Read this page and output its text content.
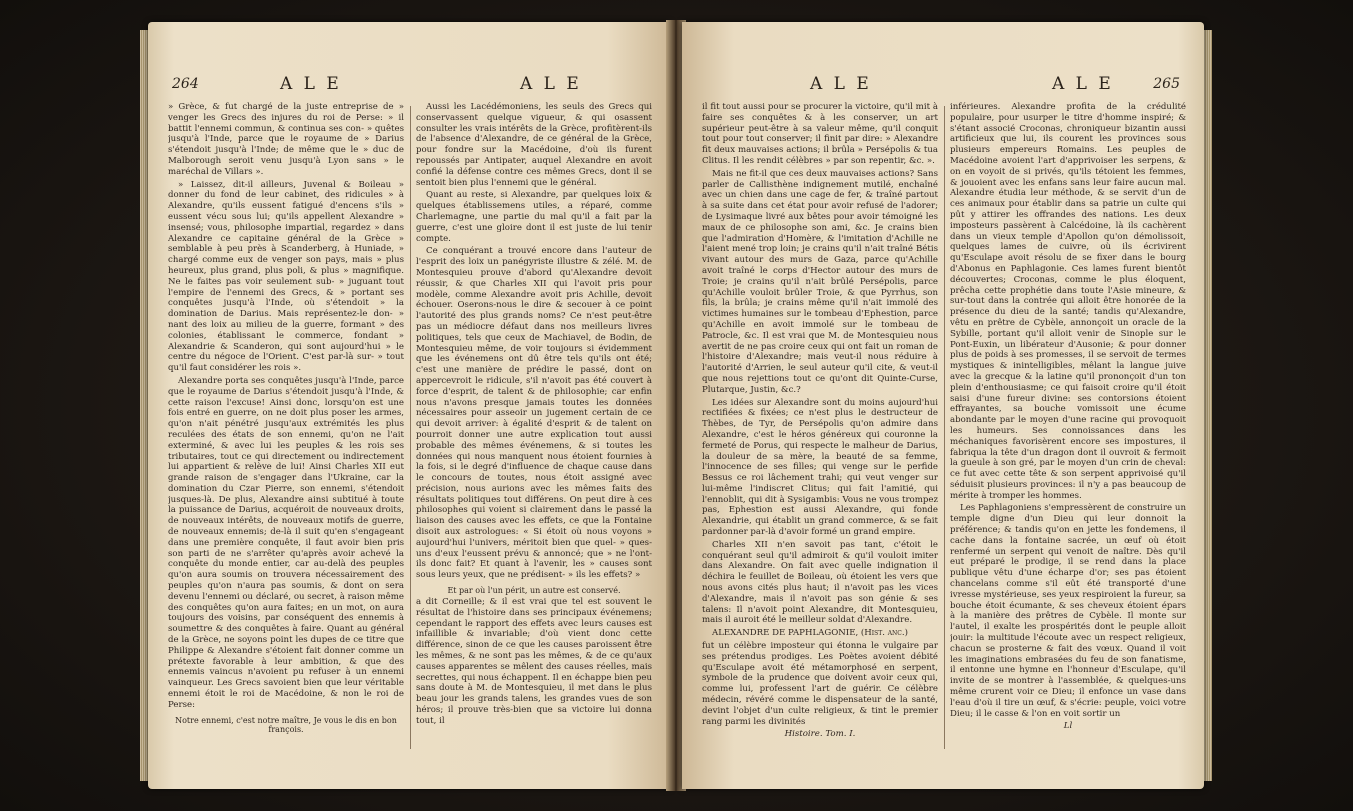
264	A L E	A L E

» Grèce, & fut chargé de la juste entreprise de » venger les Grecs des injures du roi de Perse: » il battit l'ennemi commun, & continua ses con- » quêtes jusqu'à l'Inde, parce que le royaume de » Darius s'étendoit jusqu'à l'Inde; de même que le » duc de Malborough seroit venu jusqu'à Lyon sans » le maréchal de Villars ».

» Laissez, dit-il ailleurs, Juvenal & Boileau » donner du fond de leur cabinet, des ridicules » à Alexandre, qu'ils eussent fatigué d'encens s'ils » eussent vécu sous lui; qu'ils appellent Alexandre » insensé; vous, philosophe impartial, regardez » dans Alexandre ce capitaine général de la Grèce » semblable à peu près à Scanderberg, à Huniade, » chargé comme eux de venger son pays, mais » plus heureux, plus grand, plus poli, & plus » magnifique. Ne le faites pas voir seulement sub- » juguant tout l'empire de l'ennemi des Grecs, & » portant ses conquêtes jusqu'à l'Inde, où s'étendoit » la domination de Darius. Mais représentez-le don- » nant des loix au milieu de la guerre, formant » des colonies, établissant le commerce, fondant » Alexandrie & Scanderon, qui sont aujourd'hui » le centre du négoce de l'Orient. C'est par-là sur- » tout qu'il faut considérer les rois ».

Alexandre porta ses conquêtes jusqu'à l'Inde, parce que le royaume de Darius s'étendoit jusqu'à l'Inde, & cette raison l'excuse! Ainsi donc, lorsqu'on est une fois entré en guerre, on ne doit plus poser les armes, qu'on n'ait pénétré jusqu'aux extrémités les plus reculées des états de son ennemi, qu'on ne l'ait exterminé, & avec lui les peuples & les rois ses tributaires, tout ce qui directement ou indirectement lui appartient & relève de lui! Ainsi Charles XII eut grande raison de s'engager dans l'Ukraine, car la domination du Czar Pierre, son ennemi, s'étendoit jusques-là. De plus, Alexandre ainsi subtitué à toute la puissance de Darius, acquéroit de nouveaux droits, de nouveaux intérêts, de nouveaux motifs de guerre, de nouveaux ennemis; de-là il suit qu'en s'engageant dans une première conquête, il faut avoir bien pris son parti de ne s'arrêter qu'après avoir achevé la conquête du monde entier, car au-delà des peuples qu'on aura soumis on trouvera nécessairement des peuples qu'on n'aura pas soumis, & dont on sera devenu l'ennemi ou déclaré, ou secret, à raison même des conquêtes qu'on aura faites; en un mot, on aura toujours des voisins, par conséquent des ennemis à soumettre & des conquêtes à faire. Quant au général de la Grèce, ne soyons point les dupes de ce titre que Philippe & Alexandre s'étoient fait donner comme un prétexte favorable à leur ambition, & que des ennemis vaincus n'avoient pu refuser à un ennemi vainqueur. Les Grecs savoient bien que leur véritable ennemi étoit le roi de Macédoine, & non le roi de Perse:

Notre ennemi, c'est notre maître, Je vous le dis en bon françois.

Aussi les Lacédémoniens, les seuls des Grecs qui conservassent quelque vigueur, & qui osassent consulter les vrais intérêts de la Grèce, profitèrent-ils de l'absence d'Alexandre, de ce général de la Grèce, pour fondre sur la Macédoine, d'où ils furent repoussés par Antipater, auquel Alexandre en avoit confié la défense contre ces mêmes Grecs, dont il se sentoit bien plus l'ennemi que le général.

Quant au reste, si Alexandre, par quelques loix & quelques établissemens utiles, a réparé, comme Charlemagne, une partie du mal qu'il a fait par la guerre, c'est une gloire dont il est juste de lui tenir compte.

Ce conquérant a trouvé encore dans l'auteur de l'esprit des loix un panégyriste illustre & zélé. M. de Montesquieu prouve d'abord qu'Alexandre devoit réussir, & que Charles XII qui l'avoit pris pour modèle, comme Alexandre avoit pris Achille, devoit échouer. Oserons-nous le dire & secouer à ce point l'autorité des plus grands noms? Ce n'est peut-être pas un médiocre défaut dans nos meilleurs livres politiques, tels que ceux de Machiavel, de Bodin, de Montesquieu même, de voir toujours si évidemment que les événemens ont dû être tels qu'ils ont été; c'est une manière de prédire le passé, dont on appercevroit le ridicule, s'il n'avoit pas été couvert à force d'esprit, de talent & de philosophie; car enfin nous n'avons presque jamais toutes les données nécessaires pour asseoir un jugement certain de ce qui devoit arriver: à égalité d'esprit & de talent on pourroit donner une autre explication tout aussi probable des mêmes événemens, & si toutes les données qui nous manquent nous étoient fournies à la fois, si le degré d'influence de chaque cause dans le concours de toutes, nous étoit assigné avec précision, nous aurions avec les mêmes faits des résultats politiques tout différens. On peut dire à ces philosophes qui voient si clairement dans le passé la liaison des causes avec les effets, ce que la Fontaine disoit aux astrologues: « Si étoit où nous voyons » aujourd'hui l'univers, méritoit bien que quel- » ques-uns d'eux l'eussent prévu & annoncé; que » ne l'ont-ils donc fait? Et quant à l'avenir, les » causes sont sous leurs yeux, que ne prédisent- » ils les effets? »

Et par où l'un périt, un autre est conservé.

a dit Corneille; & il est vrai que tel est souvent le résultat de l'histoire dans ses principaux événemens; cependant le rapport des effets avec leurs causes est infaillible & invariable; d'où vient donc cette différence, sinon de ce que les causes paroissent être les mêmes, & ne sont pas les mêmes, & de ce qu'aux causes apparentes se mêlent des causes réelles, mais secrettes, qui nous échappent. Il en échappe bien peu sans doute à M. de Montesquieu, il met dans le plus beau jour les grands talens, les grandes vues de son héros; il prouve très-bien que sa victoire lui donna tout, il

A L E	A L E	265

il fit tout aussi pour se procurer la victoire, qu'il mit à faire ses conquêtes & à les conserver, un art supérieur peut-être à sa valeur même, qu'il conquit tout pour tout conserver; il finit par dire: » Alexandre fit deux mauvaises actions; il brûla » Persépolis & tua Clitus. Il les rendit célèbres » par son repentir, &c. ».

Mais ne fit-il que ces deux mauvaises actions? Sans parler de Callisthène indignement mutilé, enchaîné avec un chien dans une cage de fer, & traîné partout à sa suite dans cet état pour avoir refusé de l'adorer; de Lysimaque livré aux bêtes pour avoir témoigné les maux de ce philosophe son ami, &c. Je crains bien que l'admiration d'Homère, & l'imitation d'Achille ne l'aient mené trop loin; je crains qu'il n'ait traîné Bétis vivant autour des murs de Gaza, parce qu'Achille avoit traîné le corps d'Hector autour des murs de Troie; je crains qu'il n'ait brûlé Persépolis, parce qu'Achille vouloit brûler Troie, & que Pyrrhus, son fils, la brûla; je crains même qu'il n'ait immolé des victimes humaines sur le tombeau d'Ephestion, parce qu'Achille en avoit immolé sur le tombeau de Patrocle, &c. Il est vrai que M. de Montesquieu nous avertit de ne pas croire ceux qui ont fait un roman de l'histoire d'Alexandre; mais veut-il nous réduire à l'autorité d'Arrien, le seul auteur qu'il cite, & veut-il que nous rejettions tout ce qu'ont dit Quinte-Curse, Plutarque, Justin, &c.?

Les idées sur Alexandre sont du moins aujourd'hui rectifiées & fixées; ce n'est plus le destructeur de Thèbes, de Tyr, de Persépolis qu'on admire dans Alexandre, c'est le héros généreux qui couronne la fermeté de Porus, qui respecte le malheur de Darius, la douleur de sa mère, la beauté de sa femme, l'innocence de ses filles; qui venge sur le perfide Bessus ce roi lâchement trahi; qui veut venger sur lui-même l'indiscret Clitus; qui fait l'amitié, qui l'ennoblit, qui dit à Sysigambis: Vous ne vous trompez pas, Ephestion est aussi Alexandre, qui fonde Alexandrie, qui établit un grand commerce, & se fait pardonner par-là d'avoir formé un grand empire.

Charles XII n'en savoit pas tant, c'étoit le conquérant seul qu'il admiroit & qu'il vouloit imiter dans Alexandre. On fait avec quelle indignation il déchira le feuillet de Boileau, où étoient les vers que nous avons cités plus haut; il n'avoit pas les vices d'Alexandre, mais il n'avoit pas son génie & ses talens: Il n'avoit point Alexandre, dit Montesquieu, mais il auroit été le meilleur soldat d'Alexandre.

ALEXANDRE DE PAPHLAGONIE, (Hist. anc.)

fut un célèbre imposteur qui étonna le vulgaire par ses prétendus prodiges. Les Poètes avoient débité qu'Esculape avoit été métamorphosé en serpent, symbole de la prudence que doivent avoir ceux qui, comme lui, professent l'art de guérir. Ce célèbre médecin, révéré comme le dispensateur de la santé, devint l'objet d'un culte religieux, & tint le premier rang parmi les divinités

Histoire. Tom. I.

inférieures. Alexandre profita de la crédulité populaire, pour usurper le titre d'homme inspiré; & s'étant associé Croconas, chroniqueur bizantin aussi artificieux que lui, ils courent les provinces sous plusieurs empereurs Romains. Les peuples de Macédoine avoient l'art d'apprivoiser les serpens, & on en voyoit de si privés, qu'ils tétoient les femmes, & jouoient avec les enfans sans leur faire aucun mal. Alexandre étudia leur méthode, & se servit d'un de ces animaux pour établir dans sa patrie un culte qui pût y attirer les offrandes des nations. Les deux imposteurs passèrent à Calcédoine, là ils cachèrent dans un vieux temple d'Apollon qu'on démolissoit, quelques lames de cuivre, où ils écrivirent qu'Esculape avoit résolu de se fixer dans le bourg d'Abonus en Paphlagonie. Ces lames furent bientôt découvertes; Croconas, comme le plus éloquent, prêcha cette prophétie dans toute l'Asie mineure, & sur-tout dans la contrée qui alloit être honorée de la présence du dieu de la santé; tandis qu'Alexandre, vêtu en prêtre de Cybèle, annonçoit un oracle de la Sybille, portant qu'il alloit venir de Sinople sur le Pont-Euxin, un libérateur d'Ausonie; & pour donner plus de poids à ses promesses, il se servoit de termes mystiques & inintelligibles, mêlant la langue juive avec la grecque & la latine qu'il prononçoit d'un ton plein d'enthousiasme; ce qui faisoit croire qu'il étoit saisi d'une fureur divine: ses contorsions étoient effrayantes, sa bouche vomissoit une écume abondante par le moyen d'une racine qui provoquoit les humeurs. Ses connoissances dans les méchaniques favorisèrent encore ses impostures, il fabriqua la tête d'un dragon dont il ouvroit & fermoit la gueule à son gré, par le moyen d'un crin de cheval: ce fut avec cette tête & son serpent apprivoisé qu'il séduisit plusieurs provinces: il n'y a pas beaucoup de mérite à tromper les hommes.

Les Paphlagoniens s'empressèrent de construire un temple digne d'un Dieu qui leur donnoit la préférence; & tandis qu'on en jette les fondemens, il cache dans la fontaine sacrée, un œuf où étoit renfermé un serpent qui venoit de naître. Dès qu'il eut préparé le prodige, il se rend dans la place publique vêtu d'une écharpe d'or; ses pas étoient chancelans comme s'il eût été transporté d'une ivresse mystérieuse, ses yeux respiroient la fureur, sa bouche étoit écumante, & ses cheveux étoient épars à la manière des prêtres de Cybèle. Il monte sur l'autel, il exalte les prospérités dont le peuple alloit jouir: la multitude l'écoute avec un respect religieux, chacun se prosterne & fait des vœux. Quand il voit les imaginations embrasées du feu de son fanatisme, il entonne une hymne en l'honneur d'Esculape, qu'il invite de se montrer à l'assemblée, & quelques-uns même crurent voir ce Dieu; il enfonce un vase dans l'eau d'où il tire un œuf, & s'écrie: peuple, voici votre Dieu; il le casse & l'on en voit sortir un

Ll
